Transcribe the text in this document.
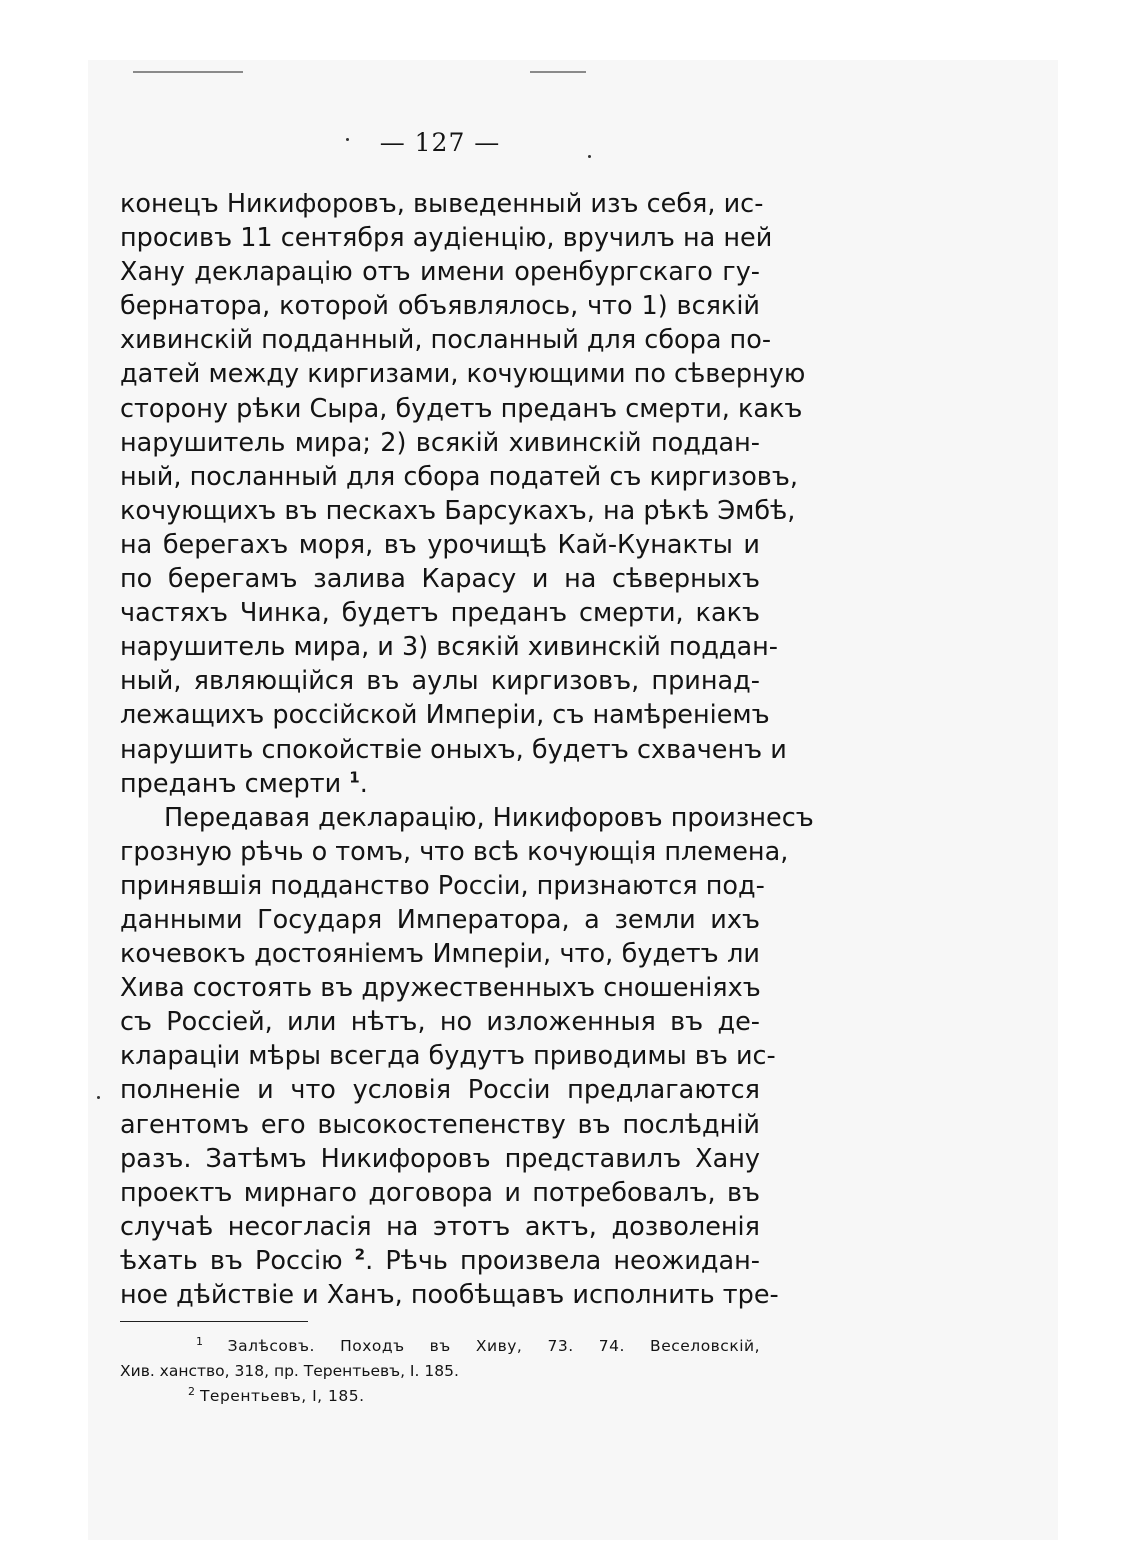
— 127 —
конецъ Никифоровъ, выведенный изъ себя, ис-
просивъ 11 сентября аудіенцію, вручилъ на ней
Хану декларацію отъ имени оренбургскаго гу-
бернатора, которой объявлялось, что 1) всякій
хивинскій подданный, посланный для сбора по-
датей между киргизами, кочующими по сѣверную
сторону рѣки Сыра, будетъ преданъ смерти, какъ
нарушитель мира; 2) всякій хивинскій поддан-
ный, посланный для сбора податей съ киргизовъ,
кочующихъ въ пескахъ Барсукахъ, на рѣкѣ Эмбѣ,
на берегахъ моря, въ урочищѣ Кай-Кунакты и
по берегамъ залива Карасу и на сѣверныхъ
частяхъ Чинка, будетъ преданъ смерти, какъ
нарушитель мира, и 3) всякій хивинскій поддан-
ный, являющійся въ аулы киргизовъ, принад-
лежащихъ россійской Имперіи, съ намѣреніемъ
нарушить спокойствіе оныхъ, будетъ схваченъ и
преданъ смерти $^1$.
Передавая декларацію, Никифоровъ произнесъ
грозную рѣчь о томъ, что всѣ кочующія племена,
принявшія подданство Россіи, признаются под-
данными Государя Императора, а земли ихъ
кочевокъ достояніемъ Имперіи, что, будетъ ли
Хива состоять въ дружественныхъ сношеніяхъ
съ Россіей, или нѣтъ, но изложенныя въ де-
клараціи мѣры всегда будутъ приводимы въ ис-
полненіе и что условія Россіи предлагаются
агентомъ его высокостепенству въ послѣдній
разъ. Затѣмъ Никифоровъ представилъ Хану
проектъ мирнаго договора и потребовалъ, въ
случаѣ несогласія на этотъ актъ, дозволенія
ѣхать въ Россію $^2$. Рѣчь произвела неожидан-
ное дѣйствіе и Ханъ, пообѣщавъ исполнить тре-
$^1$ Залѣсовъ. Походъ въ Хиву, 73. 74. Веселовскій,
Хив. ханство, 318, пр. Терентьевъ, I. 185.
$^2$ Терентьевъ, I, 185.
